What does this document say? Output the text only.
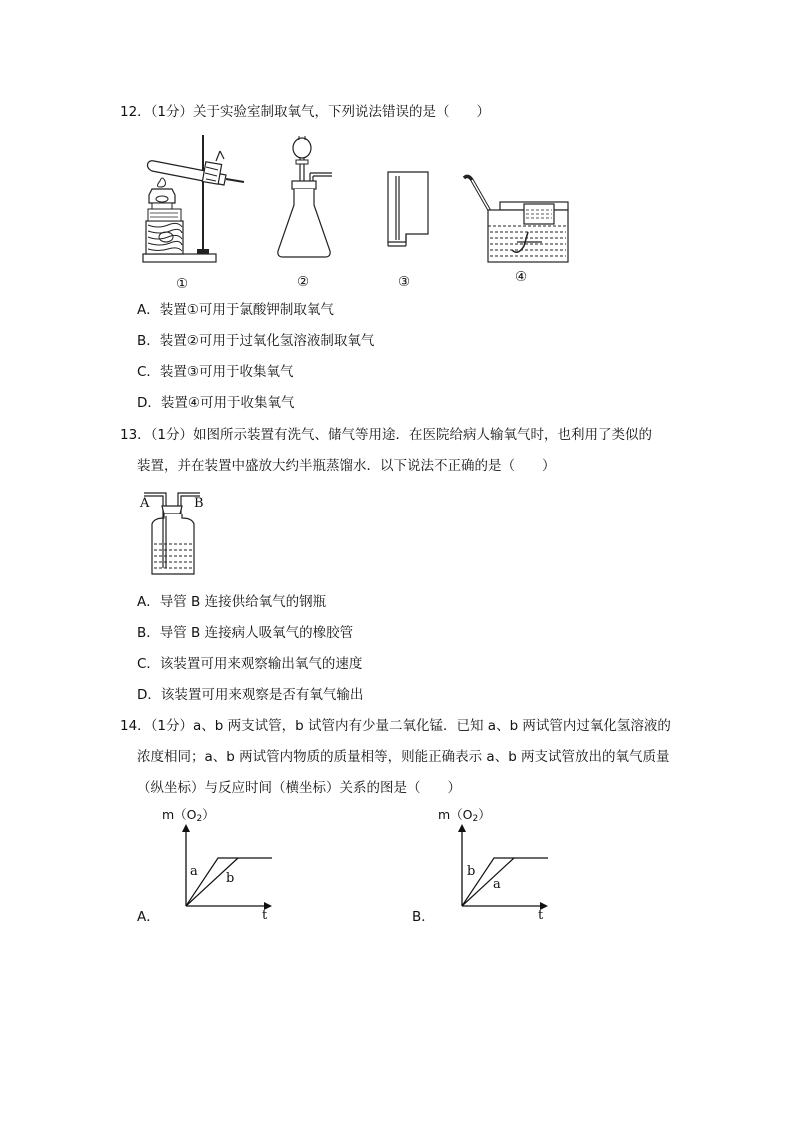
12．（1分）关于实验室制取氧气，下列说法错误的是（　　）
①	②	③	④
A．装置①可用于氯酸钾制取氧气
B．装置②可用于过氧化氢溶液制取氧气
C．装置③可用于收集氧气
D．装置④可用于收集氧气
13．（1分）如图所示装置有洗气、储气等用途．在医院给病人输氧气时，也利用了类似的
装置，并在装置中盛放大约半瓶蒸馏水．以下说法不正确的是（　　）
A	B
A．导管 B 连接供给氧气的钢瓶
B．导管 B 连接病人吸氧气的橡胶管
C．该装置可用来观察输出氧气的速度
D．该装置可用来观察是否有氧气输出
14．（1分）a、b 两支试管，b 试管内有少量二氧化锰．已知 a、b 两试管内过氧化氢溶液的
浓度相同；a、b 两试管内物质的质量相等，则能正确表示 a、b 两支试管放出的氧气质量
（纵坐标）与反应时间（横坐标）关系的图是（　　）
$m(O_2)$
a b
t
A．
$m(O_2)$
b
a
t
B．
